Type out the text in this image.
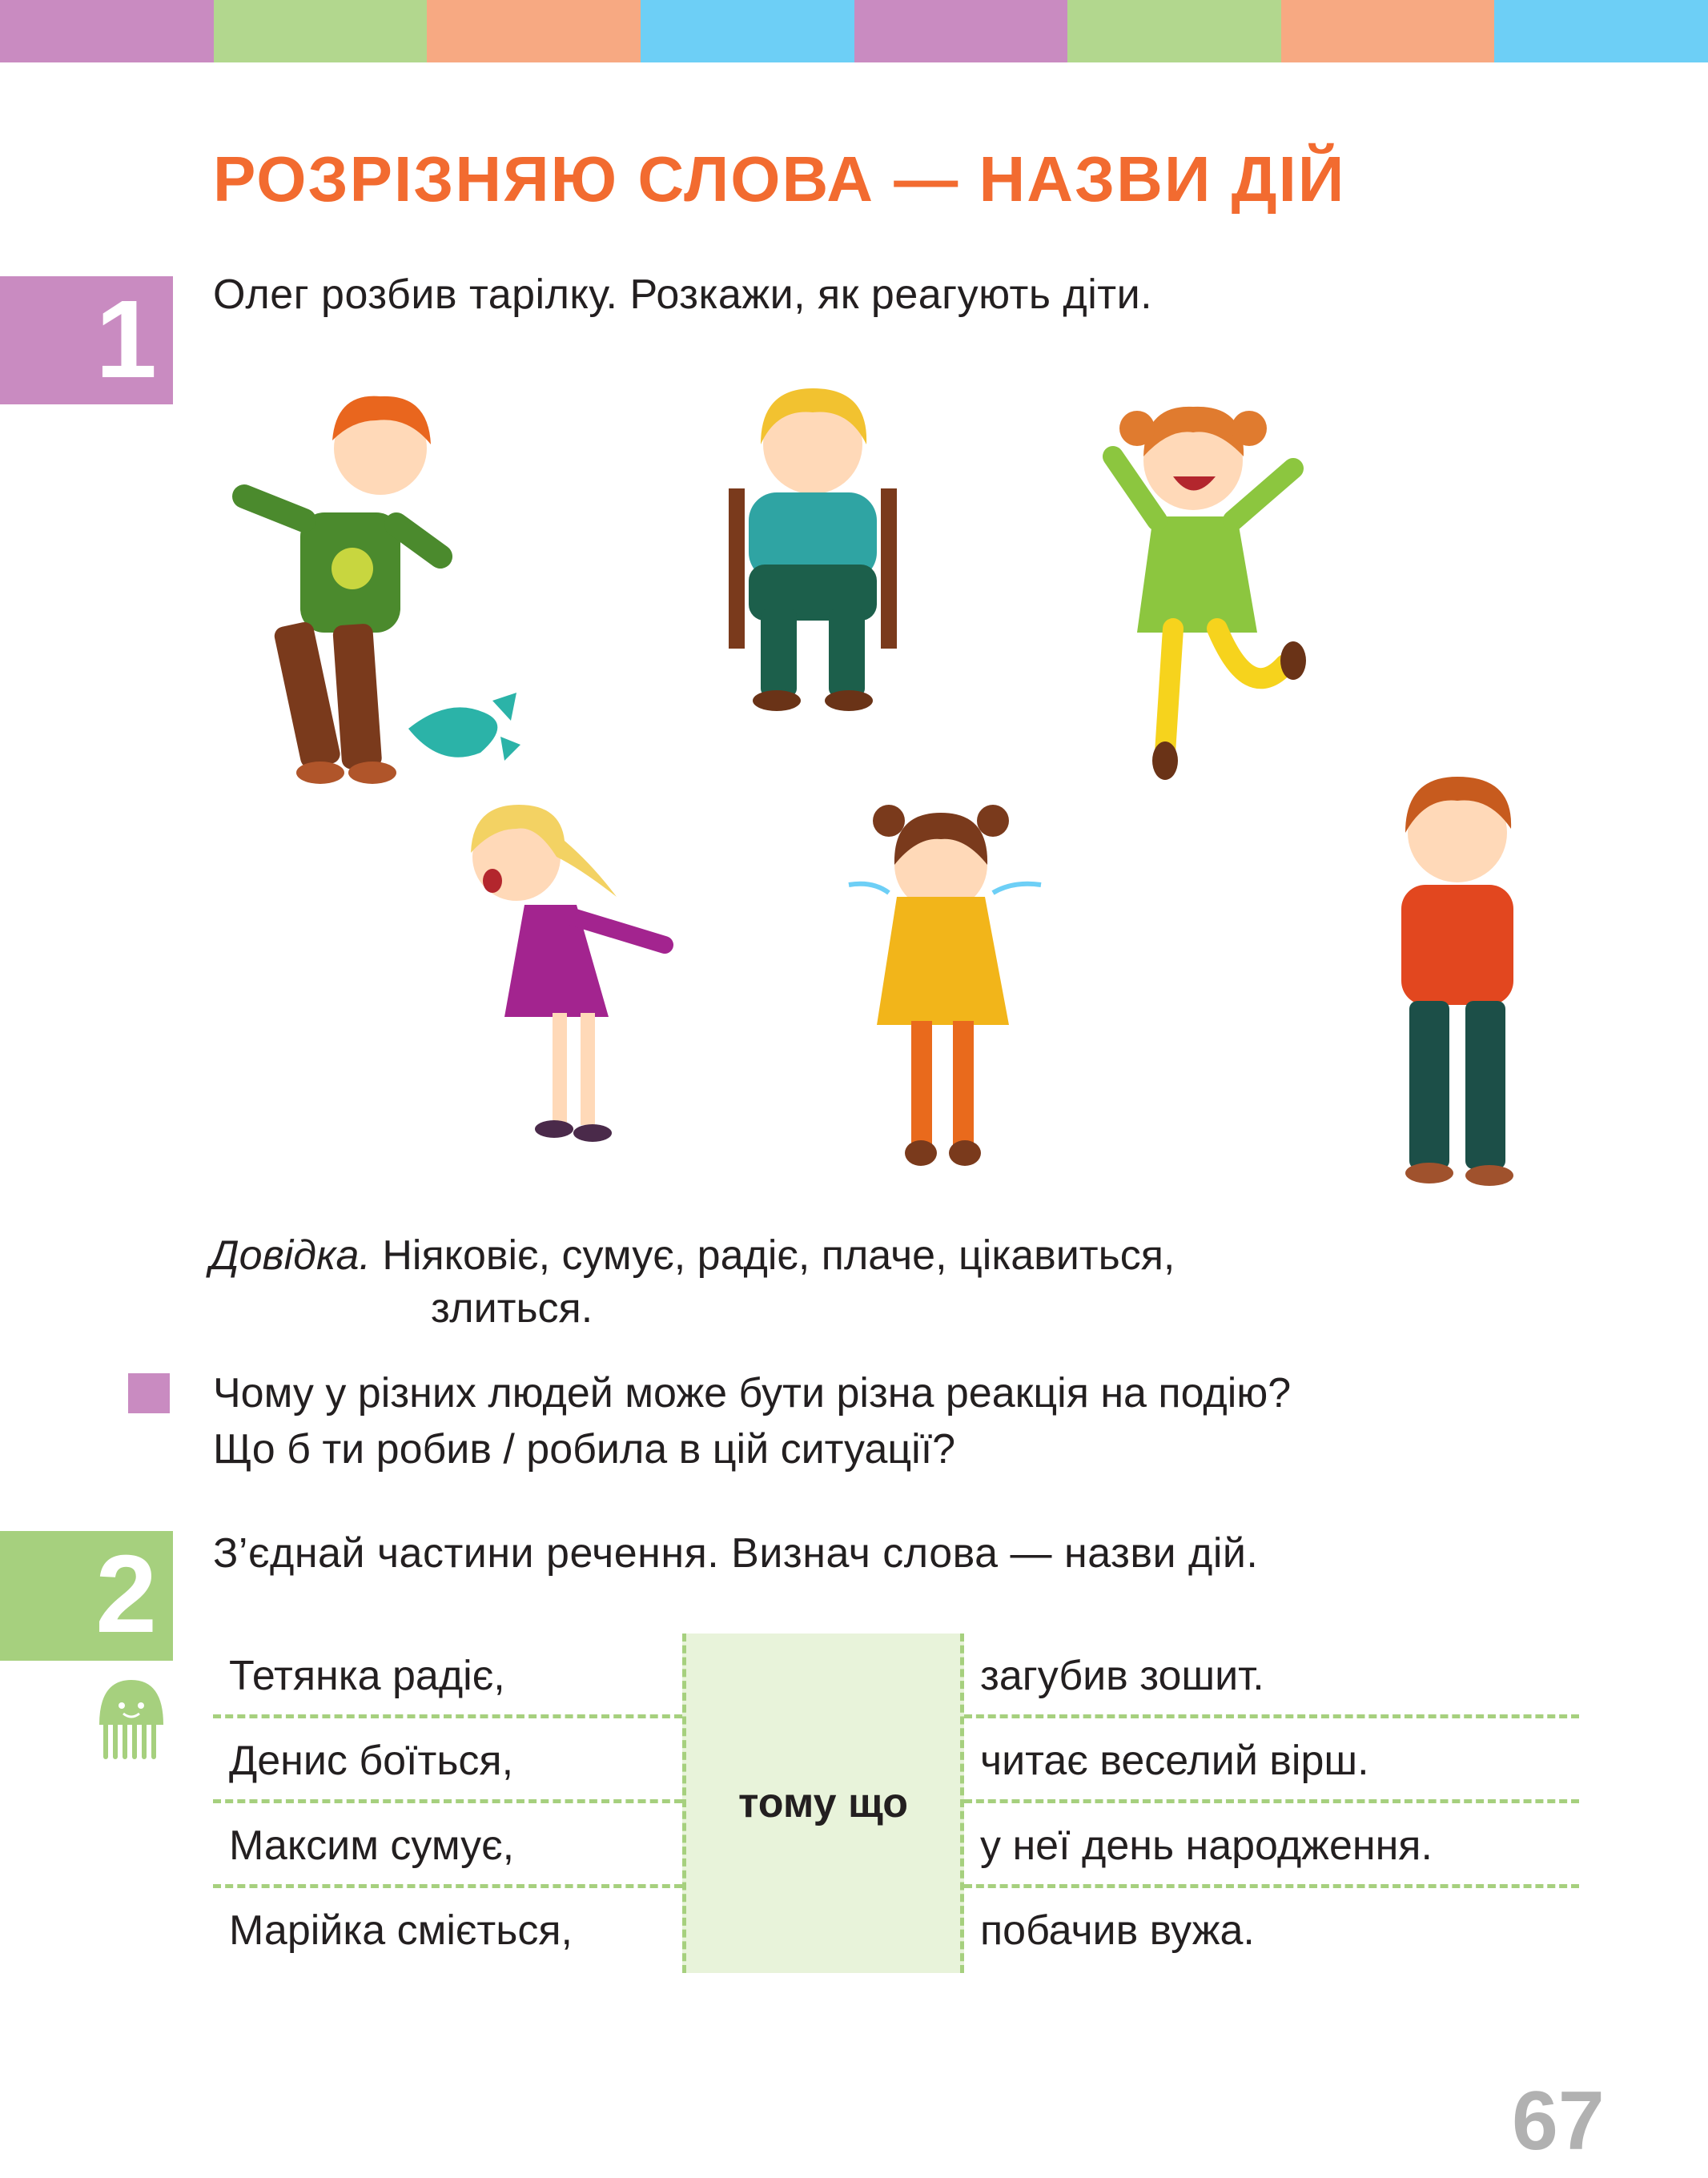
РОЗРІЗНЯЮ СЛОВА — НАЗВИ ДІЙ
1	Олег розбив тарілку. Розкажи, як реагують діти.
Довідка. Ніяковіє, сумує, радіє, плаче, цікавиться,
злиться.
Чому у різних людей може бути різна реакція на подію?
Що б ти робив / робила в цій ситуації?
2	З’єднай частини речення. Визнач слова — назви дій.
тому що
Тетянка радіє,
Денис боїться,
Максим сумує,
Марійка сміється,
загубив зошит.
читає веселий вірш.
у неї день народження.
побачив вужа.
67
